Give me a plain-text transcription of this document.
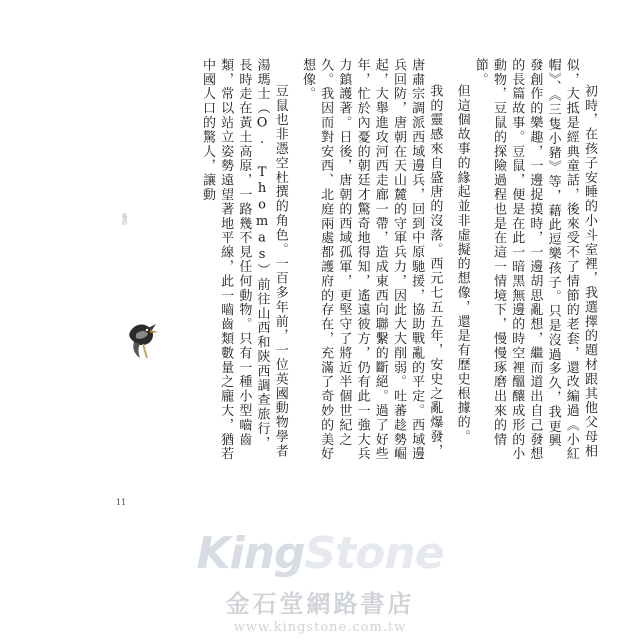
初時，在孩子安睡的小斗室裡，我選擇的題材跟其他父母相似，大抵是經典童話，後來受不了情節的老套，還改編過《小紅帽》、《三隻小豬》等，藉此逗樂孩子。只是沒過多久，我更興發創作的樂趣，一邊捉摸時，一邊胡思亂想，繼而道出自己發想的長篇故事。豆鼠，便是在此一暗黑無邊的時空裡醞釀成形的小動物，豆鼠的探險過程也是在這一情境下，慢慢琢磨出來的情節。

但這個故事的緣起並非虛擬的想像，還是有歷史根據的。

我的靈感來自盛唐的沒落。西元七五五年，安史之亂爆發，唐肅宗調派西域邊兵，回到中原馳援，協助戰亂的平定。西域邊兵回防，唐朝在天山麓的守軍兵力，因此大大削弱。吐蕃趁勢崛起，大舉進攻河西走廊一帶，造成東西向聯繫的斷絕。過了好些年，忙於內憂的朝廷才驚奇地得知，遙遠彼方，仍有此一強大兵力鎮護著。日後，唐朝的西域孤軍，更堅守了將近半個世紀之久。我因而對安西、北庭兩處都護府的存在，充滿了奇妙的美好想像。

豆鼠也非憑空杜撰的角色。一百多年前，一位英國動物學者湯瑪士（O. Thomas）前往山西和陝西調查旅行，長時走在黃土高原，一路幾不見任何動物。只有一種小型嚙齒類，常以站立姿勢遠望著地平線，此一嚙齒類數量之龐大，猶若中國人口的驚人，讓動

卷首
11
KingStone
金石堂網路書店
www.kingstone.com.tw
